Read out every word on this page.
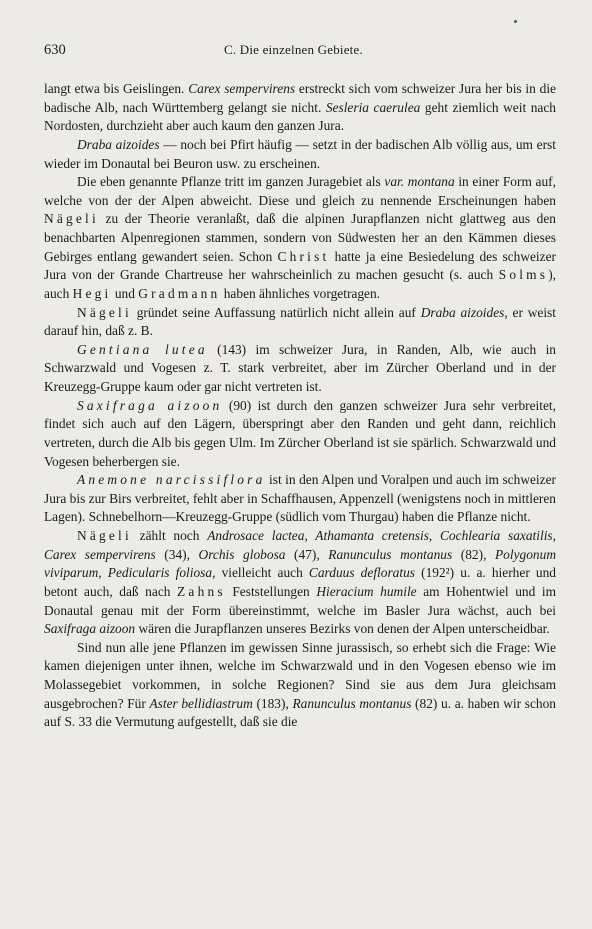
630	C. Die einzelnen Gebiete.

langt etwa bis Geislingen. Carex sempervirens erstreckt sich vom schweizer Jura her bis in die badische Alb, nach Württemberg gelangt sie nicht. Sesleria caerulea geht ziemlich weit nach Nordosten, durchzieht aber auch kaum den ganzen Jura.

Draba aizoides — noch bei Pfirt häufig — setzt in der badischen Alb völlig aus, um erst wieder im Donautal bei Beuron usw. zu erscheinen.

Die eben genannte Pflanze tritt im ganzen Juragebiet als var. montana in einer Form auf, welche von der der Alpen abweicht. Diese und gleich zu nennende Erscheinungen haben Nägeli zu der Theorie veranlaßt, daß die alpinen Jurapflanzen nicht glattweg aus den benachbarten Alpenregionen stammen, sondern von Südwesten her an den Kämmen dieses Gebirges entlang gewandert seien. Schon Christ hatte ja eine Besiedelung des schweizer Jura von der Grande Chartreuse her wahrscheinlich zu machen gesucht (s. auch Solms), auch Hegi und Gradmann haben ähnliches vorgetragen.

Nägeli gründet seine Auffassung natürlich nicht allein auf Draba aizoides, er weist darauf hin, daß z. B.

Gentiana lutea (143) im schweizer Jura, in Randen, Alb, wie auch in Schwarzwald und Vogesen z. T. stark verbreitet, aber im Zürcher Oberland und in der Kreuzegg-Gruppe kaum oder gar nicht vertreten ist.

Saxifraga aizoon (90) ist durch den ganzen schweizer Jura sehr verbreitet, findet sich auch auf den Lägern, überspringt aber den Randen und geht dann, reichlich vertreten, durch die Alb bis gegen Ulm. Im Zürcher Oberland ist sie spärlich. Schwarzwald und Vogesen beherbergen sie.

Anemone narcissiflora ist in den Alpen und Voralpen und auch im schweizer Jura bis zur Birs verbreitet, fehlt aber in Schaffhausen, Appenzell (wenigstens noch in mittleren Lagen). Schnebelhorn—Kreuzegg-Gruppe (südlich vom Thurgau) haben die Pflanze nicht.

Nägeli zählt noch Androsace lactea, Athamanta cretensis, Cochlearia saxatilis, Carex sempervirens (34), Orchis globosa (47), Ranunculus montanus (82), Polygonum viviparum, Pedicularis foliosa, vielleicht auch Carduus defloratus (192²) u. a. hierher und betont auch, daß nach Zahns Feststellungen Hieracium humile am Hohentwiel und im Donautal genau mit der Form übereinstimmt, welche im Basler Jura wächst, auch bei Saxifraga aizoon wären die Jurapflanzen unseres Bezirks von denen der Alpen unterscheidbar.

Sind nun alle jene Pflanzen im gewissen Sinne jurassisch, so erhebt sich die Frage: Wie kamen diejenigen unter ihnen, welche im Schwarzwald und in den Vogesen ebenso wie im Molassegebiet vorkommen, in solche Regionen? Sind sie aus dem Jura gleichsam ausgebrochen? Für Aster bellidiastrum (183), Ranunculus montanus (82) u. a. haben wir schon auf S. 33 die Vermutung aufgestellt, daß sie die
